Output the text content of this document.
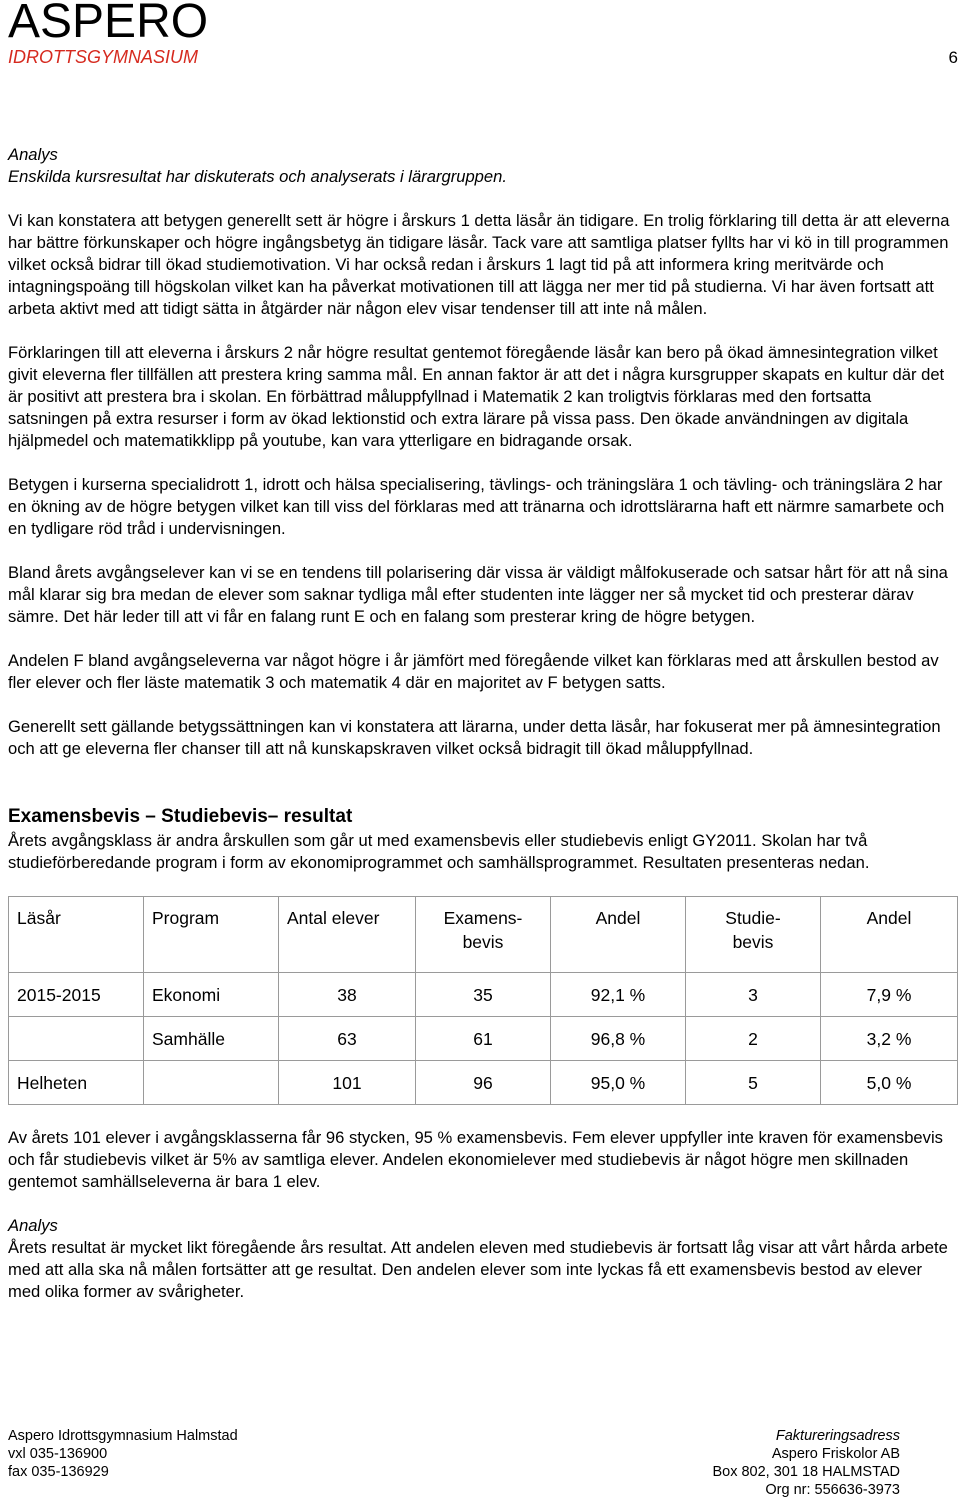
ASPERO
IDROTTSGYMNASIUM	6

Analys

Enskilda kursresultat har diskuterats och analyserats i lärargruppen.

Vi kan konstatera att betygen generellt sett är högre i årskurs 1 detta läsår än tidigare. En trolig förklaring till detta är att eleverna har bättre förkunskaper och högre ingångsbetyg än tidigare läsår. Tack vare att samtliga platser fyllts har vi kö in till programmen vilket också bidrar till ökad studiemotivation. Vi har också redan i årskurs 1 lagt tid på att informera kring meritvärde och intagningspoäng till högskolan vilket kan ha påverkat motivationen till att lägga ner mer tid på studierna. Vi har även fortsatt att arbeta aktivt med att tidigt sätta in åtgärder när någon elev visar tendenser till att inte nå målen.

Förklaringen till att eleverna i årskurs 2 når högre resultat gentemot föregående läsår kan bero på ökad ämnesintegration vilket givit eleverna fler tillfällen att prestera kring samma mål. En annan faktor är att det i några kursgrupper skapats en kultur där det är positivt att prestera bra i skolan. En förbättrad måluppfyllnad i Matematik 2 kan troligtvis förklaras med den fortsatta satsningen på extra resurser i form av ökad lektionstid och extra lärare på vissa pass. Den ökade användningen av digitala hjälpmedel och matematikklipp på youtube, kan vara ytterligare en bidragande orsak.

Betygen i kurserna specialidrott 1, idrott och hälsa specialisering, tävlings- och träningslära 1 och tävling- och träningslära 2 har en ökning av de högre betygen vilket kan till viss del förklaras med att tränarna och idrottslärarna haft ett närmre samarbete och en tydligare röd tråd i undervisningen.

Bland årets avgångselever kan vi se en tendens till polarisering där vissa är väldigt målfokuserade och satsar hårt för att nå sina mål klarar sig bra medan de elever som saknar tydliga mål efter studenten inte lägger ner så mycket tid och presterar därav sämre. Det här leder till att vi får en falang runt E och en falang som presterar kring de högre betygen.

Andelen F bland avgångseleverna var något högre i år jämfört med föregående vilket kan förklaras med att årskullen bestod av fler elever och fler läste matematik 3 och matematik 4 där en majoritet av F betygen satts.

Generellt sett gällande betygssättningen kan vi konstatera att lärarna, under detta läsår, har fokuserat mer på ämnesintegration och att ge eleverna fler chanser till att nå kunskapskraven vilket också bidragit till ökad måluppfyllnad.

Examensbevis – Studiebevis– resultat

Årets avgångsklass är andra årskullen som går ut med examensbevis eller studiebevis enligt GY2011. Skolan har två studieförberedande program i form av ekonomiprogrammet och samhällsprogrammet. Resultaten presenteras nedan.

Läsår	Program	Antal elever	Examens-
bevis	Andel	Studie-
bevis	Andel
2015-2015	Ekonomi	38	35	92,1 %	3	7,9 %
	Samhälle	63	61	96,8 %	2	3,2 %
Helheten		101	96	95,0 %	5	5,0 %

Av årets 101 elever i avgångsklasserna får 96 stycken, 95 % examensbevis. Fem elever uppfyller inte kraven för examensbevis och får studiebevis vilket är 5% av samtliga elever. Andelen ekonomielever med studiebevis är något högre men skillnaden gentemot samhällseleverna är bara 1 elev.

Analys

Årets resultat är mycket likt föregående års resultat. Att andelen eleven med studiebevis är fortsatt låg visar att vårt hårda arbete med att alla ska nå målen fortsätter att ge resultat. Den andelen elever som inte lyckas få ett examensbevis bestod av elever med olika former av svårigheter.

Aspero Idrottsgymnasium Halmstad
vxl 035-136900
fax 035-136929
Faktureringsadress
Aspero Friskolor AB
Box 802, 301 18 HALMSTAD
Org nr: 556636-3973
